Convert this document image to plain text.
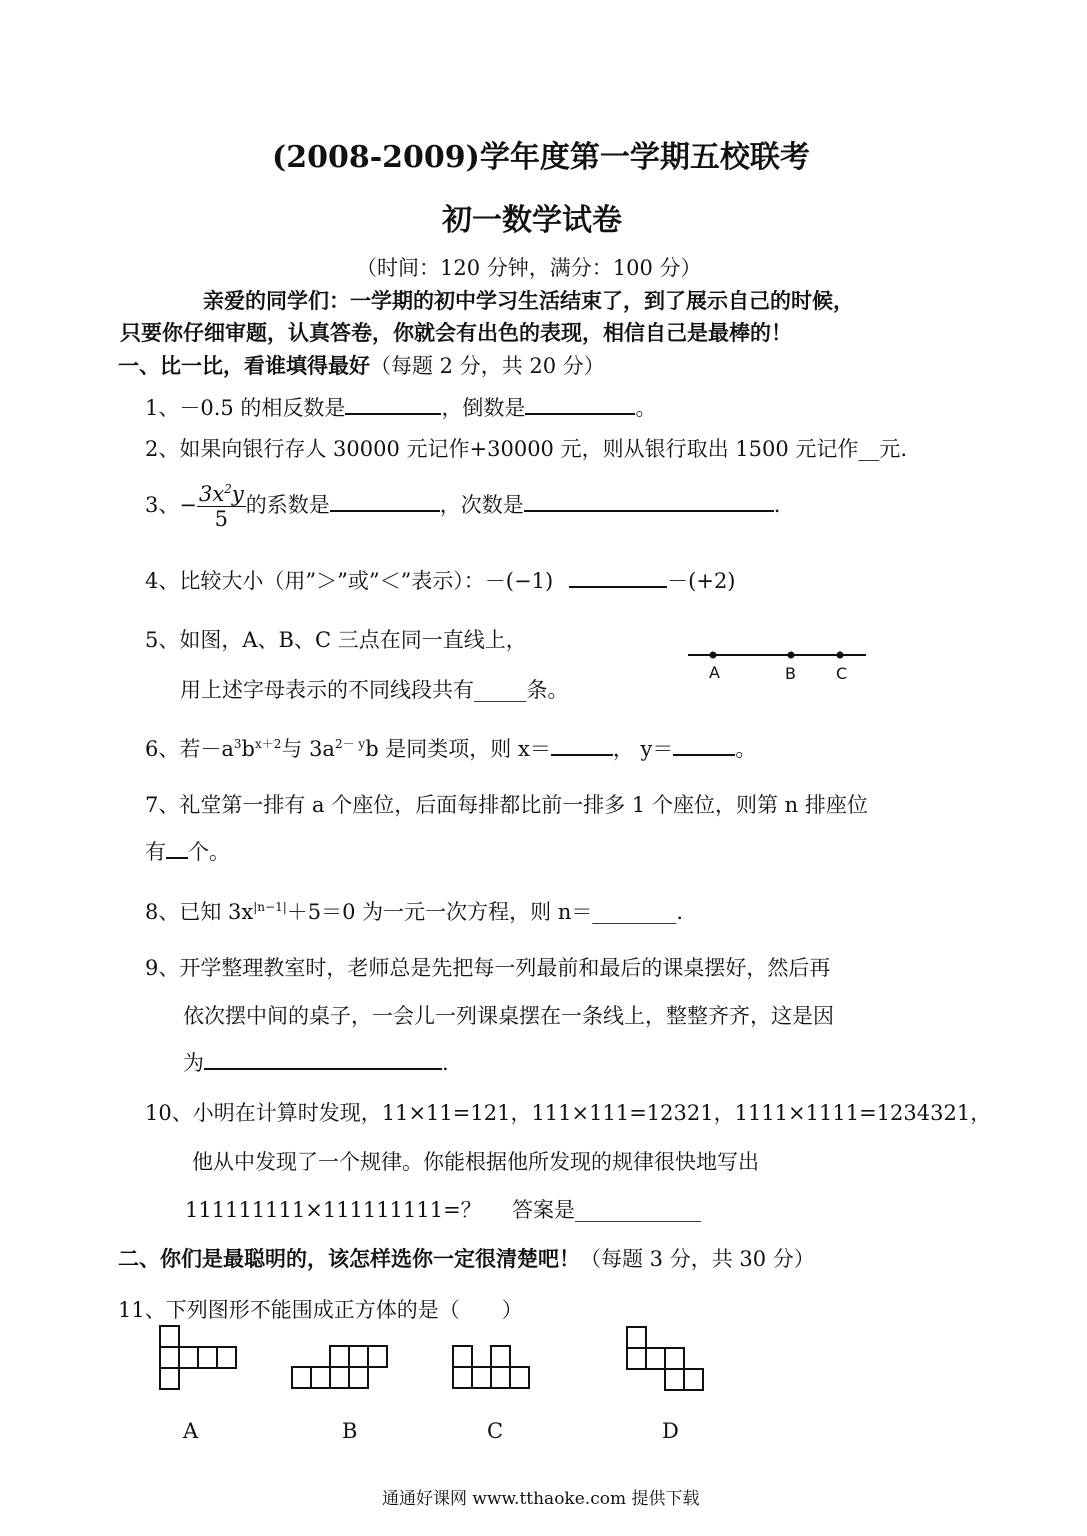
(2008-2009)学年度第一学期五校联考
初一数学试卷
（时间：120 分钟，满分：100 分）
亲爱的同学们：一学期的初中学习生活结束了，到了展示自己的时候，
只要你仔细审题，认真答卷，你就会有出色的表现，相信自己是最棒的！
一、比一比，看谁填得最好（每题 2 分，共 20 分）
1、－0.5 的相反数是	，倒数是	。
2、如果向银行存人 30000 元记作+30000 元，则从银行取出 1500 元记作__元.
3、− $\frac{3x^2y}{5}$ 的系数是	，次数是	.
4、比较大小（用”＞”或”＜”表示）：－(−1)	－(+2)
5、如图，A、B、C 三点在同一直线上，
用上述字母表示的不同线段共有_____条。
A	B	C
6、若$-a^3b^{x+2}$与 $3a^{2- y}b$ 是同类项，则 x＝	， y＝	。
7、礼堂第一排有 a 个座位，后面每排都比前一排多 1 个座位，则第 n 排座位
有 个。
8、已知 $3x^{|n-1|}+5=0$ 为一元一次方程，则 n＝________.
9、开学整理教室时，老师总是先把每一列最前和最后的课桌摆好，然后再
依次摆中间的桌子，一会儿一列课桌摆在一条线上，整整齐齐，这是因
为	.
10、小明在计算时发现，11×11=121，111×111=12321，1111×1111=1234321，
他从中发现了一个规律。你能根据他所发现的规律很快地写出
111111111×111111111=？ 答案是____________
二、你们是最聪明的，该怎样选你一定很清楚吧！（每题 3 分，共 30 分）
11、下列图形不能围成正方体的是（　　）
A	B	C	D
通通好课网 www.tthaoke.com 提供下载
